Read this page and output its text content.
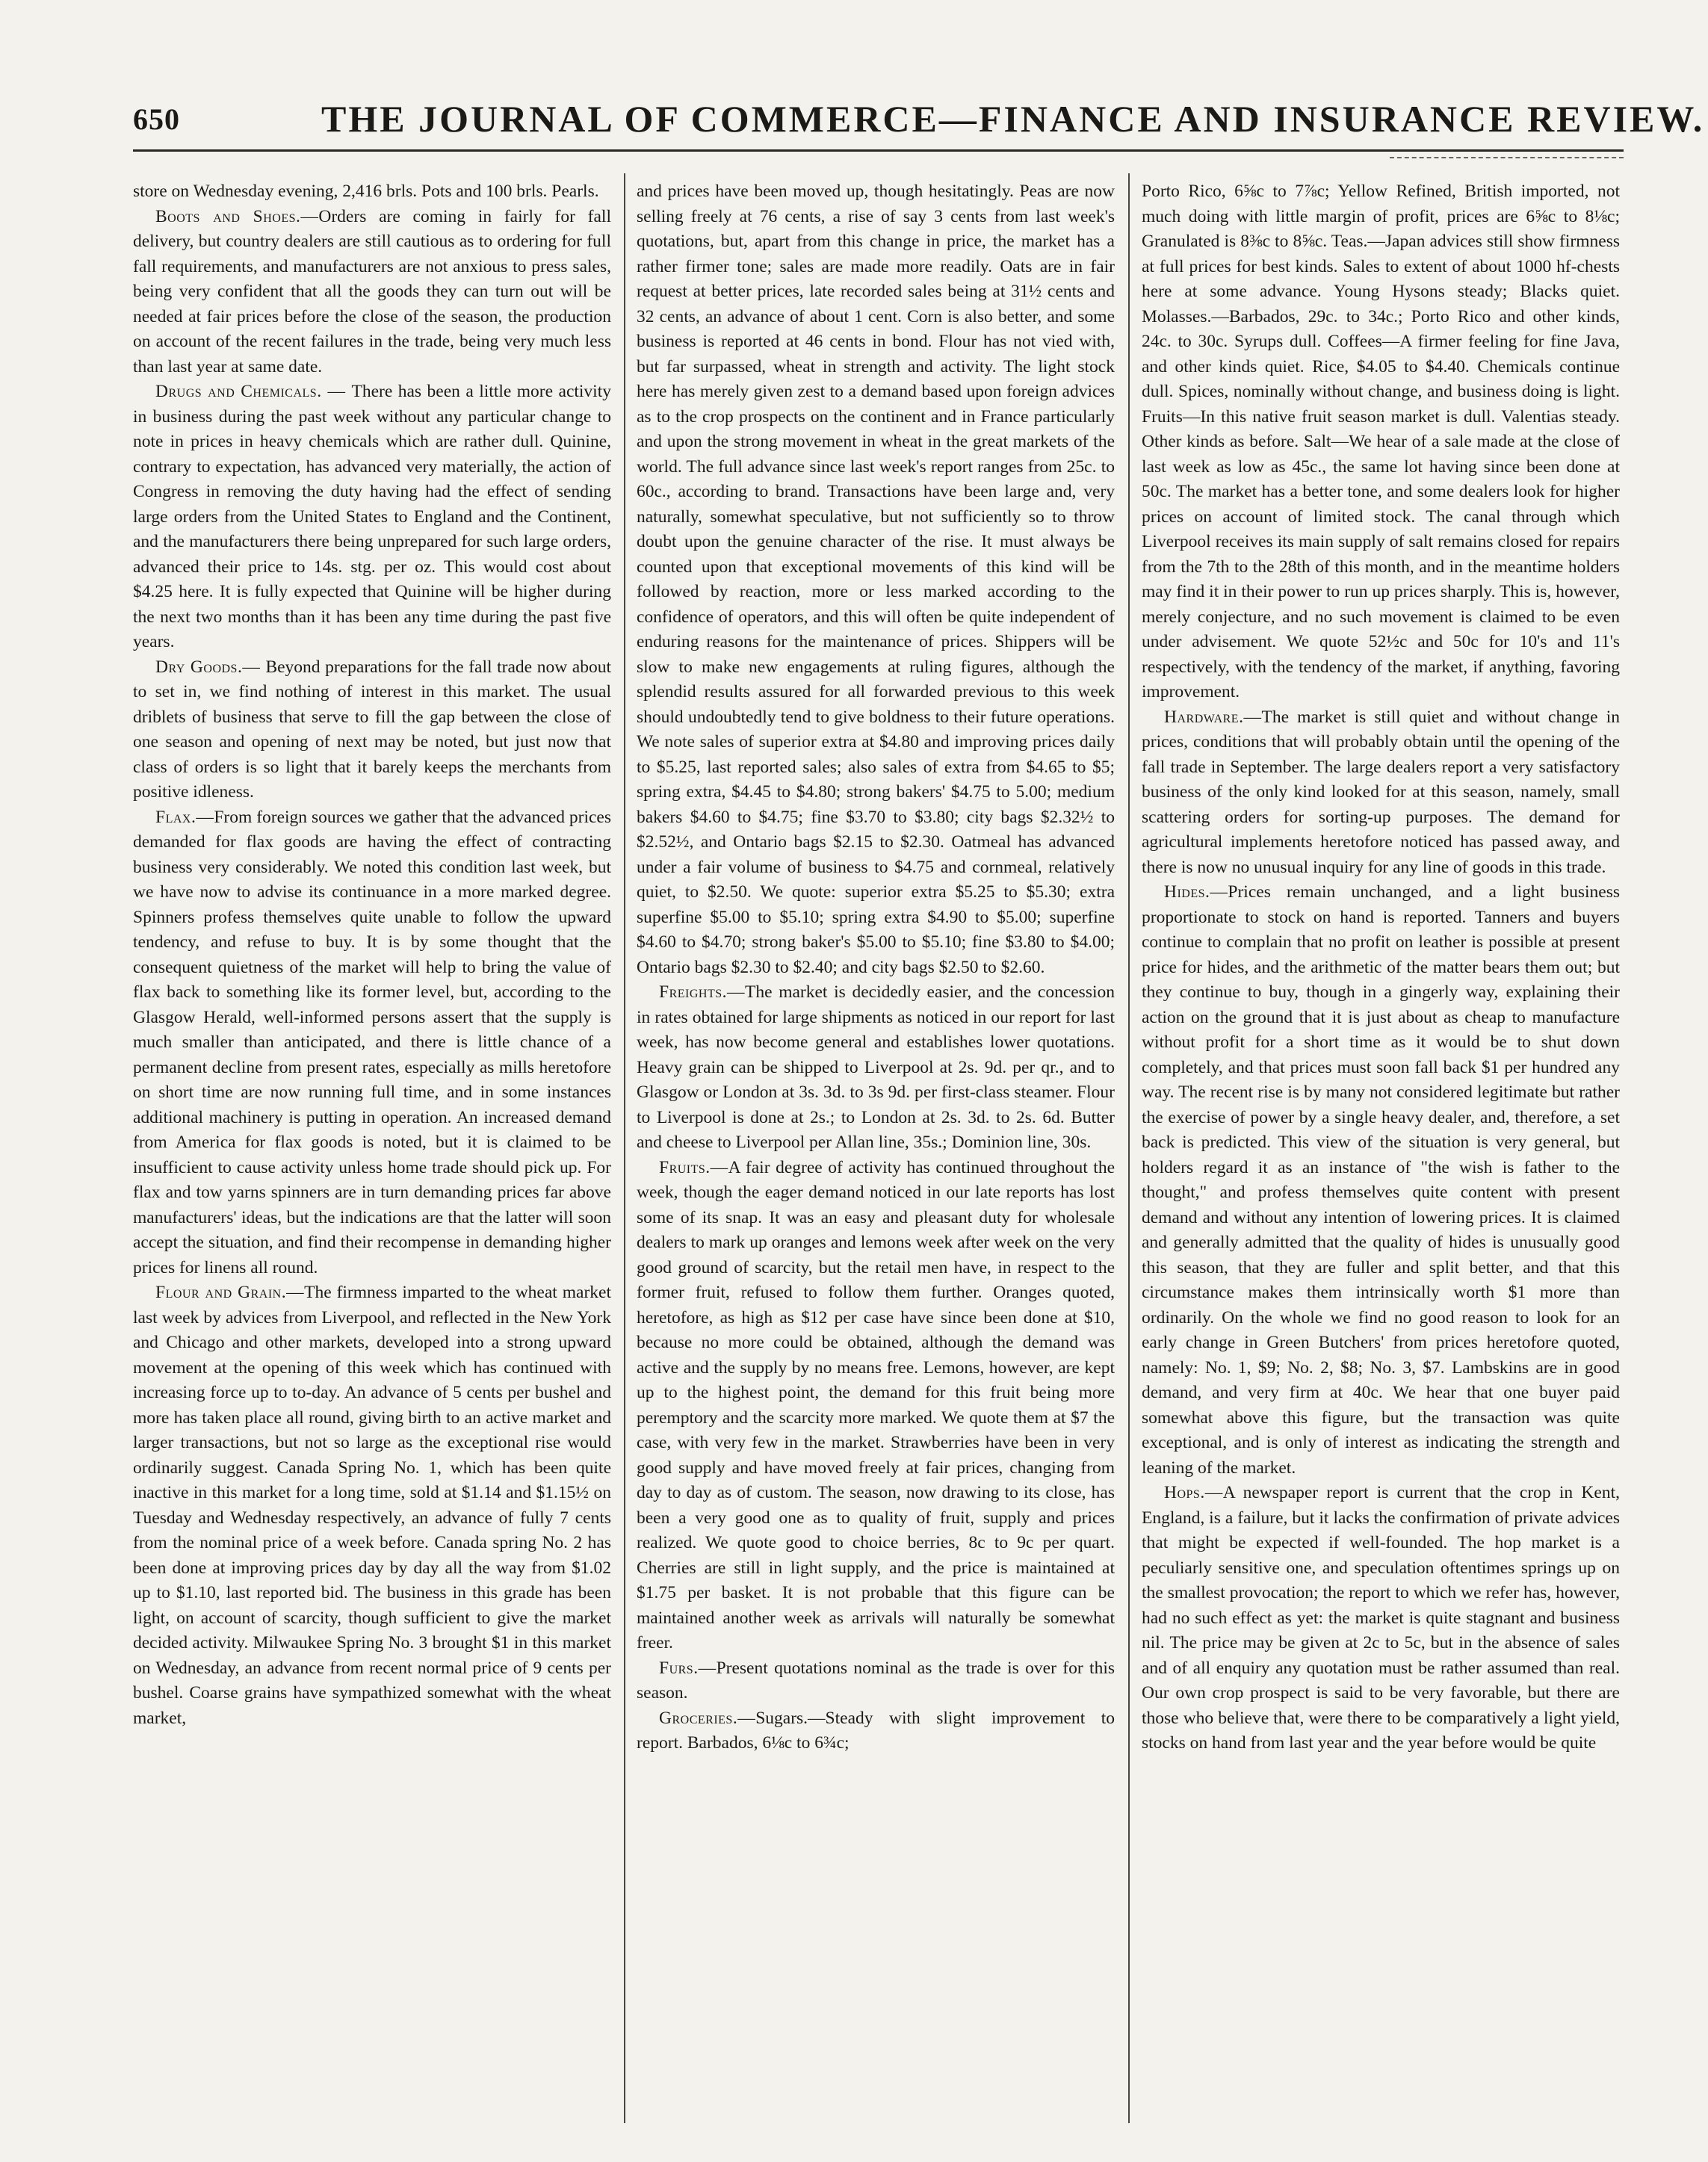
650	THE JOURNAL OF COMMERCE—FINANCE AND INSURANCE REVIEW.

store on Wednesday evening, 2,416 brls. Pots and 100 brls. Pearls.

Boots and Shoes.—Orders are coming in fairly for fall delivery, but country dealers are still cautious as to ordering for full fall requirements, and manufacturers are not anxious to press sales, being very confident that all the goods they can turn out will be needed at fair prices before the close of the season, the production on account of the recent failures in the trade, being very much less than last year at same date.

Drugs and Chemicals. — There has been a little more activity in business during the past week without any particular change to note in prices in heavy chemicals which are rather dull. Quinine, contrary to expectation, has advanced very materially, the action of Congress in removing the duty having had the effect of sending large orders from the United States to England and the Continent, and the manufacturers there being unprepared for such large orders, advanced their price to 14s. stg. per oz. This would cost about $4.25 here. It is fully expected that Quinine will be higher during the next two months than it has been any time during the past five years.

Dry Goods.— Beyond preparations for the fall trade now about to set in, we find nothing of interest in this market. The usual driblets of business that serve to fill the gap between the close of one season and opening of next may be noted, but just now that class of orders is so light that it barely keeps the merchants from positive idleness.

Flax.—From foreign sources we gather that the advanced prices demanded for flax goods are having the effect of contracting business very considerably. We noted this condition last week, but we have now to advise its continuance in a more marked degree. Spinners profess themselves quite unable to follow the upward tendency, and refuse to buy. It is by some thought that the consequent quietness of the market will help to bring the value of flax back to something like its former level, but, according to the Glasgow Herald, well-informed persons assert that the supply is much smaller than anticipated, and there is little chance of a permanent decline from present rates, especially as mills heretofore on short time are now running full time, and in some instances additional machinery is putting in operation. An increased demand from America for flax goods is noted, but it is claimed to be insufficient to cause activity unless home trade should pick up. For flax and tow yarns spinners are in turn demanding prices far above manufacturers' ideas, but the indications are that the latter will soon accept the situation, and find their recompense in demanding higher prices for linens all round.

Flour and Grain.—The firmness imparted to the wheat market last week by advices from Liverpool, and reflected in the New York and Chicago and other markets, developed into a strong upward movement at the opening of this week which has continued with increasing force up to to-day. An advance of 5 cents per bushel and more has taken place all round, giving birth to an active market and larger transactions, but not so large as the exceptional rise would ordinarily suggest. Canada Spring No. 1, which has been quite inactive in this market for a long time, sold at $1.14 and $1.15½ on Tuesday and Wednesday respectively, an advance of fully 7 cents from the nominal price of a week before. Canada spring No. 2 has been done at improving prices day by day all the way from $1.02 up to $1.10, last reported bid. The business in this grade has been light, on account of scarcity, though sufficient to give the market decided activity. Milwaukee Spring No. 3 brought $1 in this market on Wednesday, an advance from recent normal price of 9 cents per bushel. Coarse grains have sympathized somewhat with the wheat market,

and prices have been moved up, though hesitatingly. Peas are now selling freely at 76 cents, a rise of say 3 cents from last week's quotations, but, apart from this change in price, the market has a rather firmer tone; sales are made more readily. Oats are in fair request at better prices, late recorded sales being at 31½ cents and 32 cents, an advance of about 1 cent. Corn is also better, and some business is reported at 46 cents in bond. Flour has not vied with, but far surpassed, wheat in strength and activity. The light stock here has merely given zest to a demand based upon foreign advices as to the crop prospects on the continent and in France particularly and upon the strong movement in wheat in the great markets of the world. The full advance since last week's report ranges from 25c. to 60c., according to brand. Transactions have been large and, very naturally, somewhat speculative, but not sufficiently so to throw doubt upon the genuine character of the rise. It must always be counted upon that exceptional movements of this kind will be followed by reaction, more or less marked according to the confidence of operators, and this will often be quite independent of enduring reasons for the maintenance of prices. Shippers will be slow to make new engagements at ruling figures, although the splendid results assured for all forwarded previous to this week should undoubtedly tend to give boldness to their future operations. We note sales of superior extra at $4.80 and improving prices daily to $5.25, last reported sales; also sales of extra from $4.65 to $5; spring extra, $4.45 to $4.80; strong bakers' $4.75 to 5.00; medium bakers $4.60 to $4.75; fine $3.70 to $3.80; city bags $2.32½ to $2.52½, and Ontario bags $2.15 to $2.30. Oatmeal has advanced under a fair volume of business to $4.75 and cornmeal, relatively quiet, to $2.50. We quote: superior extra $5.25 to $5.30; extra superfine $5.00 to $5.10; spring extra $4.90 to $5.00; superfine $4.60 to $4.70; strong baker's $5.00 to $5.10; fine $3.80 to $4.00; Ontario bags $2.30 to $2.40; and city bags $2.50 to $2.60.

Freights.—The market is decidedly easier, and the concession in rates obtained for large shipments as noticed in our report for last week, has now become general and establishes lower quotations. Heavy grain can be shipped to Liverpool at 2s. 9d. per qr., and to Glasgow or London at 3s. 3d. to 3s 9d. per first-class steamer. Flour to Liverpool is done at 2s.; to London at 2s. 3d. to 2s. 6d. Butter and cheese to Liverpool per Allan line, 35s.; Dominion line, 30s.

Fruits.—A fair degree of activity has continued throughout the week, though the eager demand noticed in our late reports has lost some of its snap. It was an easy and pleasant duty for wholesale dealers to mark up oranges and lemons week after week on the very good ground of scarcity, but the retail men have, in respect to the former fruit, refused to follow them further. Oranges quoted, heretofore, as high as $12 per case have since been done at $10, because no more could be obtained, although the demand was active and the supply by no means free. Lemons, however, are kept up to the highest point, the demand for this fruit being more peremptory and the scarcity more marked. We quote them at $7 the case, with very few in the market. Strawberries have been in very good supply and have moved freely at fair prices, changing from day to day as of custom. The season, now drawing to its close, has been a very good one as to quality of fruit, supply and prices realized. We quote good to choice berries, 8c to 9c per quart. Cherries are still in light supply, and the price is maintained at $1.75 per basket. It is not probable that this figure can be maintained another week as arrivals will naturally be somewhat freer.

Furs.—Present quotations nominal as the trade is over for this season.

Groceries.—Sugars.—Steady with slight improvement to report. Barbados, 6⅛c to 6¾c;

Porto Rico, 6⅝c to 7⅞c; Yellow Refined, British imported, not much doing with little margin of profit, prices are 6⅝c to 8⅛c; Granulated is 8⅜c to 8⅝c. Teas.—Japan advices still show firmness at full prices for best kinds. Sales to extent of about 1000 hf-chests here at some advance. Young Hysons steady; Blacks quiet. Molasses.—Barbados, 29c. to 34c.; Porto Rico and other kinds, 24c. to 30c. Syrups dull. Coffees—A firmer feeling for fine Java, and other kinds quiet. Rice, $4.05 to $4.40. Chemicals continue dull. Spices, nominally without change, and business doing is light. Fruits—In this native fruit season market is dull. Valentias steady. Other kinds as before. Salt—We hear of a sale made at the close of last week as low as 45c., the same lot having since been done at 50c. The market has a better tone, and some dealers look for higher prices on account of limited stock. The canal through which Liverpool receives its main supply of salt remains closed for repairs from the 7th to the 28th of this month, and in the meantime holders may find it in their power to run up prices sharply. This is, however, merely conjecture, and no such movement is claimed to be even under advisement. We quote 52½c and 50c for 10's and 11's respectively, with the tendency of the market, if anything, favoring improvement.

Hardware.—The market is still quiet and without change in prices, conditions that will probably obtain until the opening of the fall trade in September. The large dealers report a very satisfactory business of the only kind looked for at this season, namely, small scattering orders for sorting-up purposes. The demand for agricultural implements heretofore noticed has passed away, and there is now no unusual inquiry for any line of goods in this trade.

Hides.—Prices remain unchanged, and a light business proportionate to stock on hand is reported. Tanners and buyers continue to complain that no profit on leather is possible at present price for hides, and the arithmetic of the matter bears them out; but they continue to buy, though in a gingerly way, explaining their action on the ground that it is just about as cheap to manufacture without profit for a short time as it would be to shut down completely, and that prices must soon fall back $1 per hundred any way. The recent rise is by many not considered legitimate but rather the exercise of power by a single heavy dealer, and, therefore, a set back is predicted. This view of the situation is very general, but holders regard it as an instance of "the wish is father to the thought," and profess themselves quite content with present demand and without any intention of lowering prices. It is claimed and generally admitted that the quality of hides is unusually good this season, that they are fuller and split better, and that this circumstance makes them intrinsically worth $1 more than ordinarily. On the whole we find no good reason to look for an early change in Green Butchers' from prices heretofore quoted, namely: No. 1, $9; No. 2, $8; No. 3, $7. Lambskins are in good demand, and very firm at 40c. We hear that one buyer paid somewhat above this figure, but the transaction was quite exceptional, and is only of interest as indicating the strength and leaning of the market.

Hops.—A newspaper report is current that the crop in Kent, England, is a failure, but it lacks the confirmation of private advices that might be expected if well-founded. The hop market is a peculiarly sensitive one, and speculation oftentimes springs up on the smallest provocation; the report to which we refer has, however, had no such effect as yet: the market is quite stagnant and business nil. The price may be given at 2c to 5c, but in the absence of sales and of all enquiry any quotation must be rather assumed than real. Our own crop prospect is said to be very favorable, but there are those who believe that, were there to be comparatively a light yield, stocks on hand from last year and the year before would be quite
